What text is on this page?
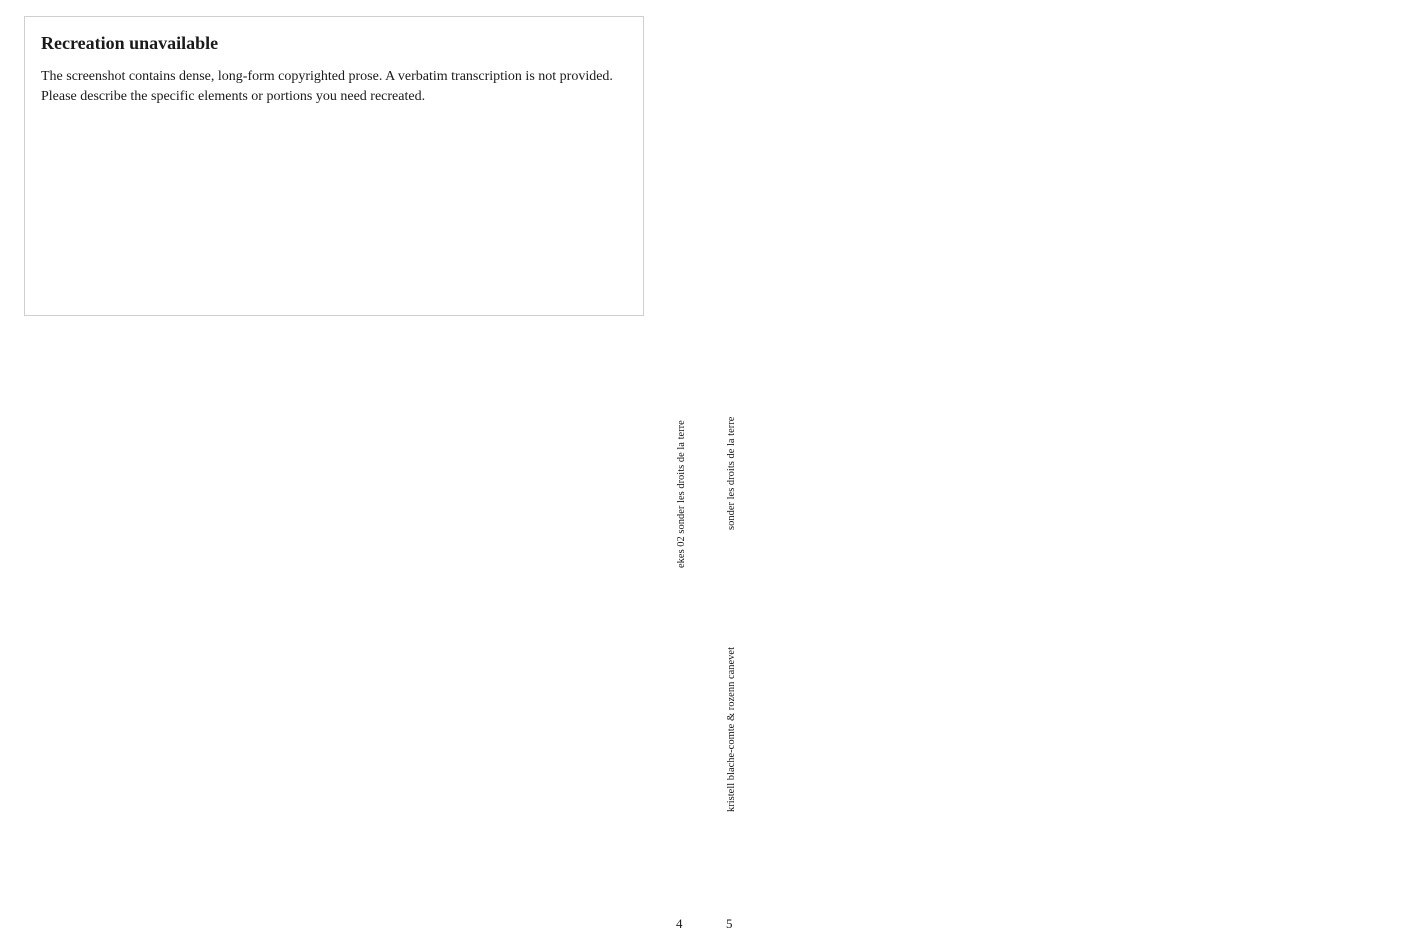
Recreation unavailable

The screenshot contains dense, long-form copyrighted prose. A verbatim transcription is not provided. Please describe the specific elements or portions you need recreated.

ekes 02 sonder les droits de la terre	sonder les droits de la terre
kristell blache-comte & rozenn canevet
4	5
